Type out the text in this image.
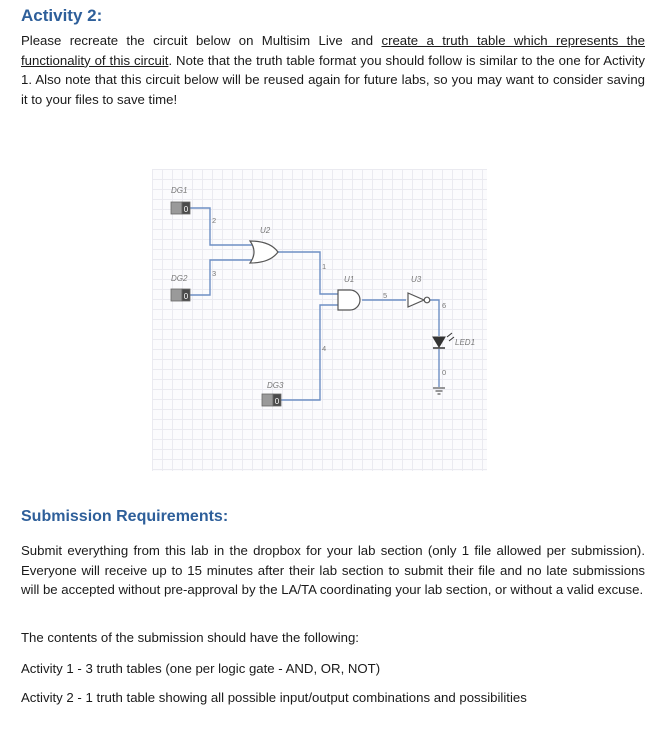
Activity 2:
Please recreate the circuit below on Multisim Live and create a truth table which represents the functionality of this circuit. Note that the truth table format you should follow is similar to the one for Activity 1. Also note that this circuit below will be reused again for future labs, so you may want to consider saving it to your files to save time!
0
DG1
0
DG2
0
DG3
U2
U1	U3
LED1
2
3
1
4
5
6
0
Submission Requirements:
Submit everything from this lab in the dropbox for your lab section (only 1 file allowed per submission). Everyone will receive up to 15 minutes after their lab section to submit their file and no late submissions will be accepted without pre-approval by the LA/TA coordinating your lab section, or without a valid excuse.
The contents of the submission should have the following:
Activity 1 - 3 truth tables (one per logic gate - AND, OR, NOT)
Activity 2 - 1 truth table showing all possible input/output combinations and possibilities
